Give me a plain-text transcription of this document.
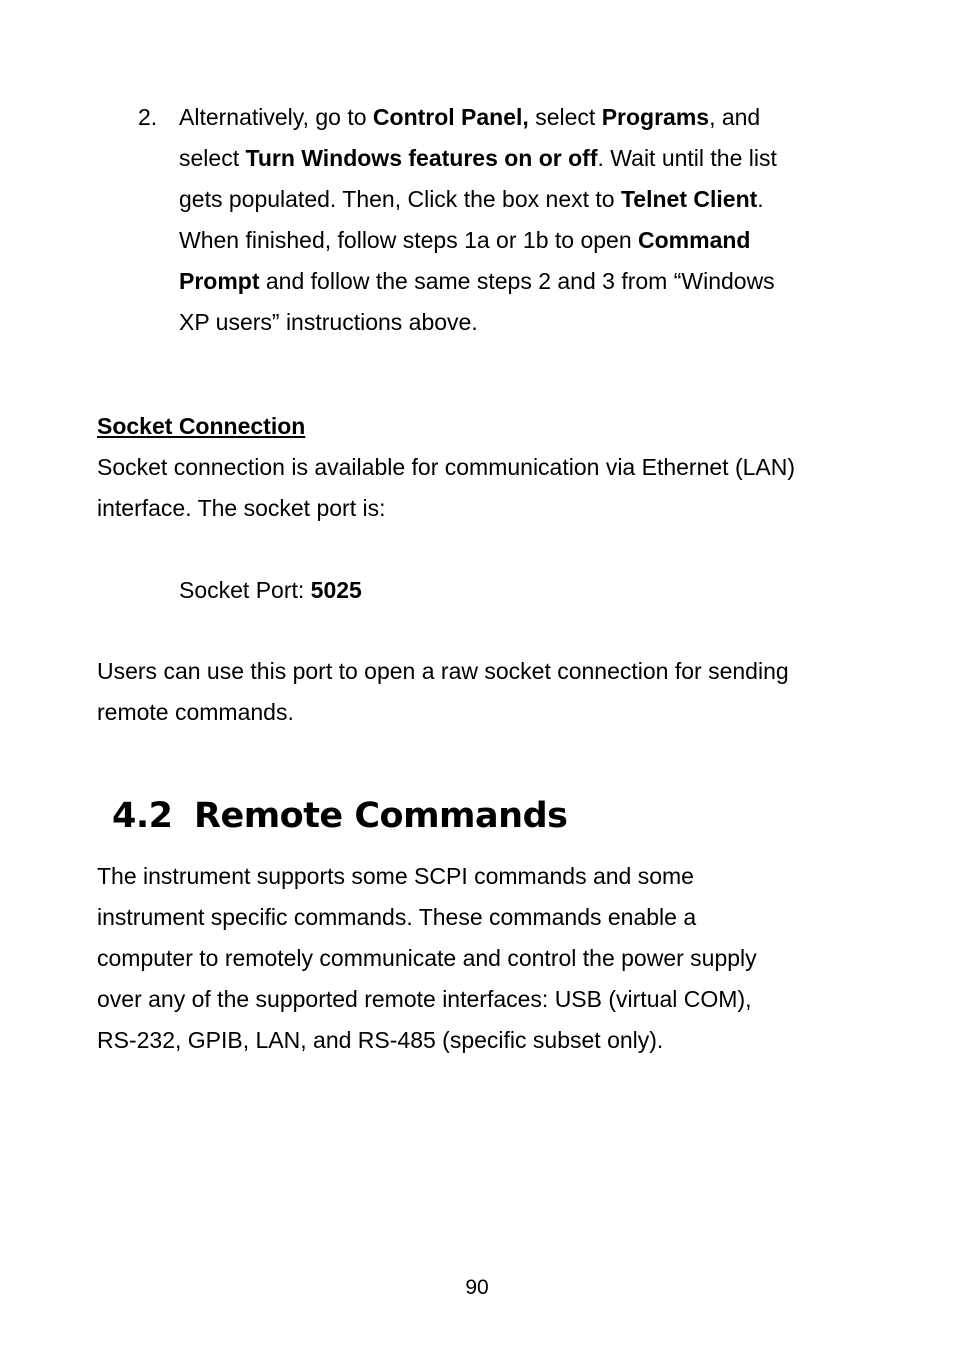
2. Alternatively, go to Control Panel, select Programs, and
select Turn Windows features on or off. Wait until the list
gets populated. Then, Click the box next to Telnet Client.
When finished, follow steps 1a or 1b to open Command
Prompt and follow the same steps 2 and 3 from “Windows
XP users” instructions above.
Socket Connection
Socket connection is available for communication via Ethernet (LAN)
interface. The socket port is:
Socket Port: 5025
Users can use this port to open a raw socket connection for sending
remote commands.
4.2 Remote Commands
The instrument supports some SCPI commands and some
instrument specific commands. These commands enable a
computer to remotely communicate and control the power supply
over any of the supported remote interfaces: USB (virtual COM),
RS-232, GPIB, LAN, and RS-485 (specific subset only).
90
